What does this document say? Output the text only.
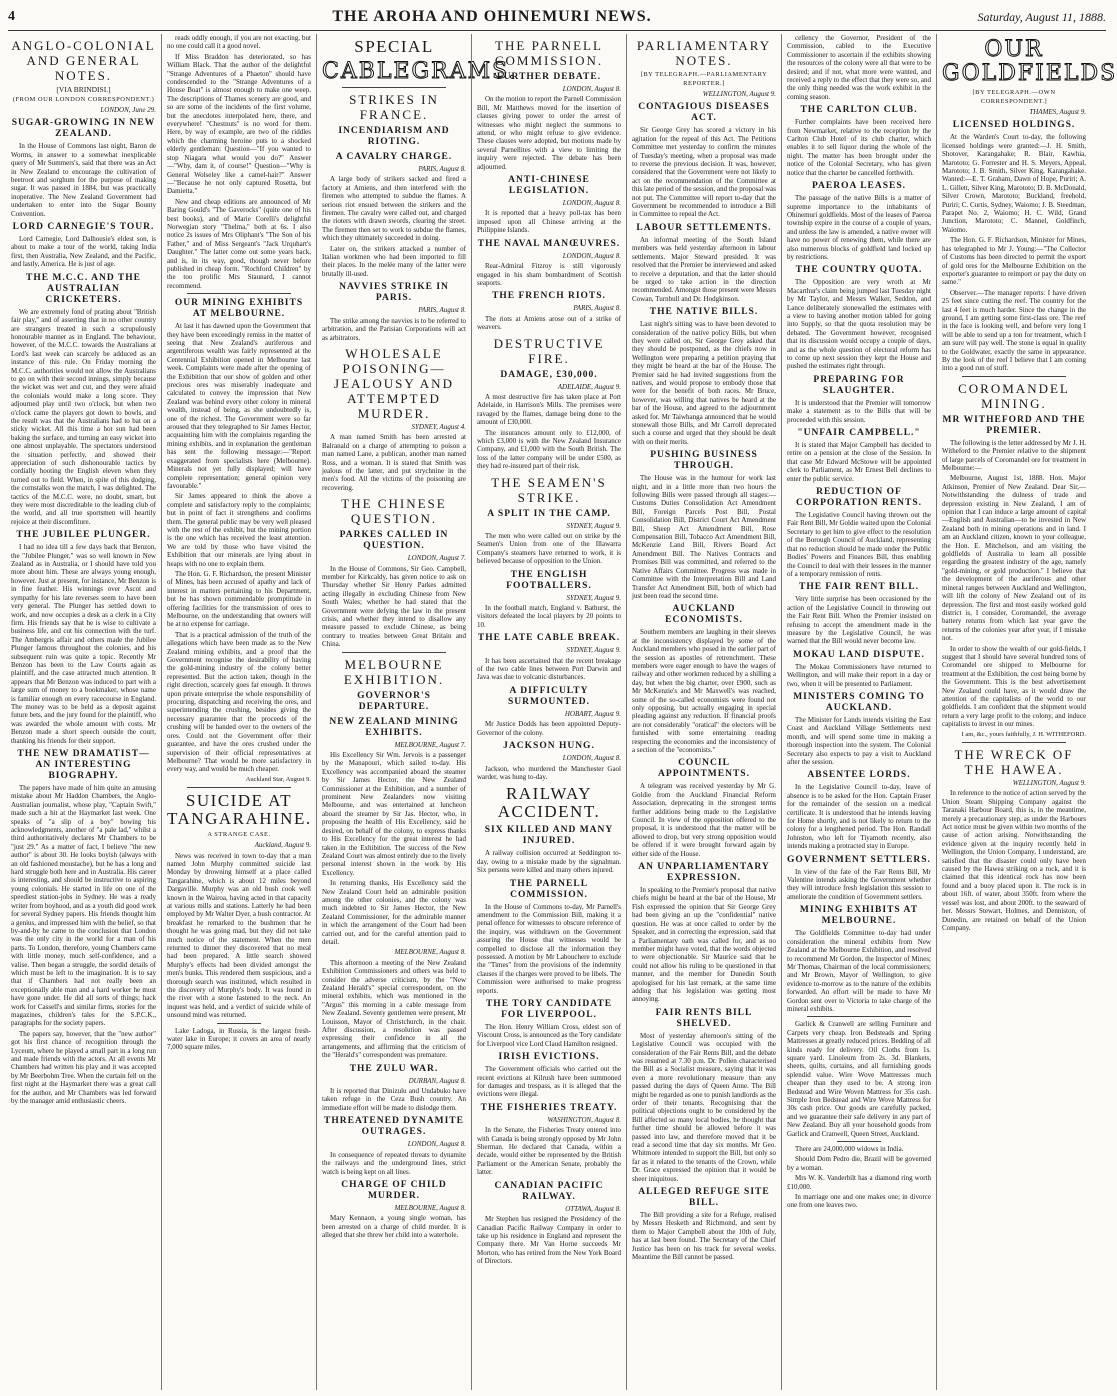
4	THE AROHA AND OHINEMURI NEWS.	Saturday, August 11, 1888.
ANGLO-COLONIAL AND GENERAL NOTES.
[VIA BRINDISI.]
(FROM OUR LONDON CORRESPONDENT.)
LONDON, June 29.
SUGAR-GROWING IN NEW ZEALAND.

In the House of Commons last night, Baron de Worms, in answer to a somewhat inexplicable query of Mr Summers's, said that there was an Act in New Zealand to encourage the cultivation of beetroot and sorghum for the purpose of making sugar. It was passed in 1884, but was practically inoperative. The New Zealand Government had undertaken to enter into the Sugar Bounty Convention.

LORD CARNEGIE'S TOUR.

Lord Carnegie, Lord Dalhousie's eldest son, is about to make a tour of the world, taking India first, then Australia, New Zealand, and the Pacific, and lastly, America. He is just of age.

THE M.C.C. AND THE AUSTRALIAN CRICKETERS.

We are extremely fond of prating about "British fair play," and of asserting that in no other country are strangers treated in such a scrupulously honourable manner as in England. The behaviour, however, of the M.C.C. towards the Australians at Lord's last week can scarcely be adduced as an instance of this rule. On Friday morning the M.C.C. authorities would not allow the Australians to go on with their second innings, simply because the wicket was wet and cut, and they were afraid the colonials would make a long score. They adjourned play until two o'clock, but when two o'clock came the players got down to bowls, and the result was that the Australians had to bat on a sticky wicket. All this time a hot sun had been baking the surface, and turning an easy wicket into one almost unplayable. The spectators understood the situation perfectly, and showed their appreciation of such dishonourable tactics by cordially hooting the English eleven when they turned out to field. When, in spite of this dodging, the cornstalks won the match, I was delighted. The tactics of the M.C.C. were, no doubt, smart, but they were most discreditable to the leading club of the world, and all true sportsmen will heartily rejoice at their discomfiture.

THE JUBILEE PLUNGER.

I had no idea till a few days back that Benzon, the "Jubilee Plunger," was so well known in New Zealand as in Australia, or I should have told you more about him. These are always young enough, however. Just at present, for instance, Mr Benzon is in fine feather. His winnings over Ascot and sympathy for his late reverses seem to have been very general. The Plunger has settled down to work, and now occupies a desk as a clerk in a City firm. His friends say that he is wise to cultivate a business life, and cut his connection with the turf. The Ambergris affair and others made the Jubilee Plunger famous throughout the colonies, and his subsequent ruin was quite a topic. Recently Mr Benzon has been to the Law Courts again as plaintiff, and the case attracted much attention. It appears that Mr Benzon was induced to part with a large sum of money to a bookmaker, whose name is familiar enough on every racecourse in England. The money was to be held as a deposit against future bets, and the jury found for the plaintiff, who was awarded the whole amount with costs. Mr Benzon made a short speech outside the court, thanking his friends for their support.

THE NEW DRAMATIST—AN INTERESTING BIOGRAPHY.

The papers have made of him quite an amusing mistake about Mr Haddon Chambers, the Anglo-Australian journalist, whose play, "Captain Swift," made such a hit at the Haymarket last week. One speaks of "a slip of a boy" bowing his acknowledgments, another of "a pale lad," whilst a third authoritatively declares Mr Chambers to be "just 29." As a matter of fact, I believe "the new author" is about 30. He looks boyish (always with an old fashioned moustache), but he has a long and hard struggle both here and in Australia. His career is interesting, and should be instructive to aspiring young colonials. He started in life on one of the speediest station-jobs in Sydney. He was a ready writer from boyhood, and as a youth did good work for several Sydney papers. His friends thought him a genius, and impressed him with the belief, so that by-and-by he came to the conclusion that London was the only city in the world for a man of his parts. To London, therefore, young Chambers came with little money, much self-confidence, and a valise. Then began a struggle, the sordid details of which must be left to the imagination. It is to say that if Chambers had not really been an exceptionally able man and a hard worker he must have gone under. He did all sorts of things; hack work for Cassell's and similar firms, stories for the magazines, children's tales for the S.P.C.K., paragraphs for the society papers.

The papers say, however, that the "new author" got his first chance of recognition through the Lyceum, where he played a small part in a long run and made friends with the actors. At all events Mr Chambers had written his play and it was accepted by Mr Beerbohm Tree. When the curtain fell on the first night at the Haymarket there was a great call for the author, and Mr Chambers was led forward by the manager amid enthusiastic cheers.

reads oddly enough, if you are not exacting, but no one could call it a good novel.

If Miss Braddon has deteriorated, so has William Black. That the author of the delightful "Strange Adventures of a Phaeton" should have condescended to the "Strange Adventures of a House Boat" is almost enough to make one weep. The descriptions of Thames scenery are good, and so are some of the incidents of the first volume, but the anecdotes interpolated here, there, and everywhere! "Chestnuts" is no word for them. Here, by way of example, are two of the riddles which the charming heroine puts to a shocked elderly gentleman: Question—"If you wanted to stop Niagara what would you do?" Answer—"Why, dam it, of course!" Question—"Why is General Wolseley like a camel-hair?" Answer—"Because he not only captured Rosetta, but Damietta."

New and cheap editions are announced of Mr Baring Gould's "The Gaverocks" (quite one of his best books), and of Marie Corelli's delightful Norwegian story "Thelma," both at 6s. I also notice 2s issues of Mrs Oliphant's "The Son of his Father," and of Miss Sergeant's "Jack Urquhart's Daughter." The latter come out some years back, and is, in its way, good, though never before published in cheap form. "Rochford Children" by the too prolific Mrs Staunard, I cannot recommend.

OUR MINING EXHIBITS AT MELBOURNE.

At last it has dawned upon the Government that they have been exceedingly remiss in the matter of seeing that New Zealand's auriferous and argentiferous wealth was fairly represented at the Centennial Exhibition opened in Melbourne last week. Complaints were made after the opening of the Exhibition that our show of golden and other precious ores was miserably inadequate and calculated to convey the impression that New Zealand was behind every other colony in mineral wealth, instead of being, as she undoubtedly is, one of the richest. The Government were so far aroused that they telegraphed to Sir James Hector, acquainting him with the complaints regarding the mining exhibits, and in explanation the gentleman has sent the following message:—"Report exaggerated from specialists here (Melbourne). Minerals not yet fully displayed; will have complete representation; general opinion very favourable."

Sir James appeared to think the above a complete and satisfactory reply to the complaints; but in point of fact it strengthens and confirms them. The general public may be very well pleased with the rest of the exhibit, but the mining portion is the one which has received the least attention. We are told by those who have visited the Exhibition that our minerals are lying about in heaps with no one to explain them.

The Hon. G. F. Richardson, the present Minister of Mines, has been accused of apathy and lack of interest in matters pertaining to his Department, but he has shown commendable promptitude in offering facilities for the transmission of ores to Melbourne, on the understanding that owners will be at no expense for carriage.

That is a practical admission of the truth of the allegations which have been made as to the New Zealand mining exhibits, and a proof that the Government recognise the desirability of having the gold-mining industry of the colony better represented. But the action taken, though in the right direction, scarcely goes far enough. It throws upon private enterprise the whole responsibility of procuring, dispatching and receiving the ores, and superintending the crushing, besides giving the necessary guarantee that the proceeds of the crushing will be handed over to the owners of the ores. Could not the Government offer their guarantee, and have the ores crushed under the supervision of their official representatives at Melbourne? That would be more satisfactory in every way, and would be much cheaper.

Auckland Star, August 9.
SUICIDE AT TANGARAHINE.
A STRANGE CASE.
Auckland, August 9.

News was received in town to-day that a man named John Murphy committed suicide last Monday by drowning himself at a place called Tangarahine, which is about 12 miles beyond Dargaville. Murphy was an old bush cook well known in the Wairoa, having acted in that capacity at various mills and stations. Latterly he had been employed by Mr Walter Dyer, a bush contractor. At breakfast he remarked to the bushmen that he thought he was going mad, but they did not take much notice of the statement. When the men returned to dinner they discovered that no meal had been prepared. A little search showed Murphy's effects had been divided amongst the men's bunks. This rendered them suspicious, and a thorough search was instituted, which resulted in the discovery of Murphy's body. It was found in the river with a stone fastened to the neck. An inquest was held, and a verdict of suicide while of unsound mind was returned.

Lake Ladoga, in Russia, is the largest fresh-water lake in Europe; it covers an area of nearly 7,000 square miles.

SPECIAL
CABLEGRAMS.
STRIKES IN FRANCE.
INCENDIARISM AND RIOTING.
A CAVALRY CHARGE.
PARIS, August 8.

A large body of strikers sacked and fired a factory at Amiens, and then interfered with the firemen who attempted to subdue the flames. A serious riot ensued between the strikers and the firemen. The cavalry were called out, and charged the rioters with drawn swords, clearing the street. The firemen then set to work to subdue the flames, which they ultimately succeeded in doing.

Later on, the strikers attacked a number of Italian workmen who had been imported to fill their places. In the melée many of the latter were brutally ill-used.

NAVVIES STRIKE IN PARIS.
PARIS, August 8.

The strike among the navvies is to be referred to arbitration, and the Parisian Corporations will act as arbitrators.

WHOLESALE POISONING—JEALOUSY AND ATTEMPTED MURDER.
SYDNEY, August 4.

A man named Smith has been arrested at Balranald on a charge of attempting to poison a man named Lane, a publican, another man named Ross, and a woman. It is stated that Smith was jealous of the latter, and put strychnine in the men's food. All the victims of the poisoning are recovering.

THE CHINESE QUESTION.
PARKES CALLED IN QUESTION.
LONDON, August 7.

In the House of Commons, Sir Geo. Campbell, member for Kirkcaldy, has given notice to ask on Thursday whether Sir Henry Parkes admitted acting illegally in excluding Chinese from New South Wales; whether he had stated that the Government were defying the law in the present crisis, and whether they intend to disallow any measure passed to exclude Chinese, as being contrary to treaties between Great Britain and China.

MELBOURNE EXHIBITION.
GOVERNOR'S DEPARTURE.
NEW ZEALAND MINING EXHIBITS.
MELBOURNE, August 7.

His Excellency Sir Wm. Jervois is a passenger by the Manapouri, which sailed to-day. His Excellency was accompanied aboard the steamer by Sir James Hector, the New Zealand Commissioner at the Exhibition, and a number of prominent New Zealanders now visiting Melbourne, and was entertained at luncheon aboard the steamer by Sir Jas. Hector, who, in proposing the health of His Excellency, said he desired, on behalf of the colony, to express thanks to His Excellency for the great interest he had taken in the Exhibition. The success of the New Zealand Court was almost entirely due to the lively personal interest shown in the work by His Excellency.

In returning thanks, His Excellency said the New Zealand Court held an admirable position among the other colonies, and the colony was much indebted to Sir James Hector, the New Zealand Commissioner, for the admirable manner in which the arrangement of the Court had been carried out, and for the careful attention paid to detail.

MELBOURNE, August 8.

This afternoon a meeting of the New Zealand Exhibition Commissioners and others was held to consider the adverse criticism, by the "New Zealand Herald's" special correspondent, on the mineral exhibits, which was mentioned in the "Argus" this morning in a cable message from New Zealand. Seventy gentlemen were present, Mr Louisson, Mayor of Christchurch, in the chair. After discussion, a resolution was passed expressing their confidence in all the arrangements, and affirming that the criticism of the "Herald's" correspondent was premature.

THE ZULU WAR.
DURBAN, August 8.

It is reported that Dinizulu and Undabuko have taken refuge in the Ceza Bush country. An immediate effort will be made to dislodge them.

THREATENED DYNAMITE OUTRAGES.
LONDON, August 8.

In consequence of repeated threats to dynamite the railways and the underground lines, strict watch is being kept on all lines.

CHARGE OF CHILD MURDER.
MELBOURNE, August 8.

Mary Kennaon, a young single woman, has been arrested on a charge of child murder. It is alleged that she threw her child into a waterhole.

THE PARNELL COMMISSION.
FURTHER DEBATE.
LONDON, August 8.

On the motion to report the Parnell Commission Bill, Mr Matthews moved for the insertion of clauses giving power to order the arrest of witnesses who might neglect the summons to attend, or who might refuse to give evidence. These clauses were adopted, but motions made by several Parnellites with a view to limiting the inquiry were rejected. The debate has been adjourned.

ANTI-CHINESE LEGISLATION.
LONDON, August 8.

It is reported that a heavy poll-tax has been imposed upon all Chinese arriving at the Philippine Islands.

THE NAVAL MANŒUVRES.
LONDON, August 8.

Rear-Admiral Fitzroy is still vigorously engaged in his sham bombardment of Scottish seaports.

THE FRENCH RIOTS.
PARIS, August 8.

The riots at Amiens arose out of a strike of weavers.

DESTRUCTIVE FIRE.
DAMAGE, £30,000.
ADELAIDE, August 9.

A most destructive fire has taken place at Port Adelaide, in Harrison's Mills. The premises were ravaged by the flames, damage being done to the amount of £30,000.

The insurances amount only to £12,000, of which £3,000 is with the New Zealand Insurance Company, and £1,000 with the South British. The loss of the latter company will be under £500, as they had re-insured part of their risk.

THE SEAMEN'S STRIKE.
A SPLIT IN THE CAMP.
SYDNEY, August 9.

The men who were called out on strike by the Seamen's Union from one of the Illawarra Company's steamers have returned to work, it is believed because of opposition to the Union.

THE ENGLISH FOOTBALLERS.
SYDNEY, August 9.

In the football match, England v. Bathurst, the visitors defeated the local players by 20 points to 10.

THE LATE CABLE BREAK.
SYDNEY, August 9.

It has been ascertained that the recent breakage of the two cable lines between Port Darwin and Java was due to volcanic disturbances.

A DIFFICULTY SURMOUNTED.
HOBART, August 9.

Mr Justice Dodds has been appointed Deputy-Governor of the colony.

JACKSON HUNG.
LONDON, August 8.

Jackson, who murdered the Manchester Gaol warder, was hung to-day.

RAILWAY ACCIDENT.
SIX KILLED AND MANY INJURED.

A railway collision occurred at Seddington to-day, owing to a mistake made by the signalman. Six persons were killed and many others injured.

THE PARNELL COMMISSION.

In the House of Commons to-day, Mr Parnell's amendment to the Commission Bill, making it a penal offence for witnesses to obscure reference of the inquiry, was withdrawn on the Government assuring the House that witnesses would be compelled to disclose all the information they possessed. A motion by Mr Labouchere to exclude the "Times" from the provisions of the indemnity clauses if the charges were proved to be libels. The Commission were authorised to make progress reports.

THE TORY CANDIDATE FOR LIVERPOOL.

The Hon. Henry William Cross, eldest son of Viscount Cross, is announced as the Tory candidate for Liverpool vice Lord Claud Hamilton resigned.

IRISH EVICTIONS.

The Government officials who carried out the recent evictions at Kilrush have been summoned for damages and trespass, as it is alleged that the evictions were illegal.

THE FISHERIES TREATY.
WASHINGTON, August 8.

In the Senate, the Fisheries Treaty entered into with Canada is being strongly opposed by Mr John Sherman. He declared that Canada, within a decade, would either be represented by the British Parliament or the American Senate, probably the latter.

CANADIAN PACIFIC RAILWAY.
OTTAWA, August 8.

Mr Stephen has resigned the Presidency of the Canadian Pacific Railway Company in order to take up his residence in England and represent the Company there. Mr Van Horne succeeds Mr Morton, who has retired from the New York Board of Directors.

PARLIAMENTARY NOTES.
[BY TELEGRAPH.—PARLIAMENTARY REPORTER.]
WELLINGTON, August 9.
CONTAGIOUS DISEASES ACT.

Sir George Grey has scored a victory in his agitation for the repeal of this Act. The Petitions Committee met yesterday to confirm the minutes of Tuesday's meeting, when a proposal was made to reverse the previous decision. It was, however, considered that the Government were not likely to act on the recommendation of the Committee at this late period of the session, and the proposal was not put. The Committee will report to-day that the Government be recommended to introduce a Bill in Committee to repeal the Act.

LABOUR SETTLEMENTS.

An informal meeting of the South Island members was held yesterday afternoon in labour settlements. Major Steward presided. It was resolved that the Premier be interviewed and asked to receive a deputation, and that the latter should be urged to take action in the direction recommended. Amongst those present were Messrs Cowan, Turnbull and Dr. Hodgkinson.

THE NATIVE BILLS.

Last night's sitting was to have been devoted to consideration of the native policy Bills, but when they were called on, Sir George Grey asked that they should be postponed, as the chiefs now in Wellington were preparing a petition praying that they might be heard at the bar of the House. The Premier said he had invited suggestions from the natives, and would propose to embody those that were for the benefit of both races. Mr Bruce, however, was willing that natives be heard at the bar of the House, and agreed to the adjournment asked for. Mr Taiwhanga announced that he would stonewall those Bills, and Mr Carroll deprecated such a course and urged that they should be dealt with on their merits.

PUSHING BUSINESS THROUGH.

The House was in the humour for work last night, and in a little more than two hours the following Bills were passed through all stages:—Customs Duties Consolidation Act Amendment Bill, Foreign Parcels Post Bill, Postal Consolidation Bill, District Court Act Amendment Bill, Sheep Act Amendment Bill, Rose Compensation Bill, Tobacco Act Amendment Bill, McKenzie Land Bill, Rivers Board Act Amendment Bill. The Natives Contracts and Promises Bill was committed, and referred to the Native Affairs Committee. Progress was made in Committee with the Interpretation Bill and Land Transfer Act Amendment Bill, both of which had just been read the second time.

AUCKLAND ECONOMISTS.

Southern members are laughing in their sleeves at the inconsistency displayed by some of the Auckland members who posed in the earlier part of the session as apostles of retrenchment. These members were eager enough to have the wages of railway and other workmen reduced by a shilling a day, but when the big charter, over £900, such as Mr McKenzie's and Mr Maxwell's was reached, some of the so-called economists were found not only opposing, but actually engaging in special pleading against any reduction. If financial proofs are not considerably "oratical" the electors will be furnished with some entertaining reading respecting the economies and the inconsistency of a section of the "economists."

COUNCIL APPOINTMENTS.

A telegram was received yesterday by Mr G. Goldie from the Auckland Financial Reform Association, deprecating in the strongest terms further additions being made to the Legislative Council. In view of the opposition offered to the proposal, it is understood that the matter will be allowed to drop, but very strong opposition would be offered if it were brought forward again by either side of the House.

AN UNPARLIAMENTARY EXPRESSION.

In speaking to the Premier's proposal that native chiefs might be heard at the bar of the House, Mr Fish expressed the opinion that Sir George Grey had been giving an up the "confidential" native question. He was at once called to order by the Speaker, and in correcting the expression, said that a Parliamentary oath was called for, and as no member might have voted, that the words objected to were objectionable. Sir Maurice said that he could not allow his ruling to be questioned in that manner, and the member for Dunedin South apologised for his last remark, at the same time adding that his legislation was getting most annoying.

FAIR RENTS BILL SHELVED.

Most of yesterday afternoon's sitting of the Legislative Council was occupied with the consideration of the Fair Rents Bill, and the debate was resumed at 7.30 p.m. Dr. Pollen characterised the Bill as a Socialist measure, saying that it was even a more revolutionary measure than any passed during the days of Queen Anne. The Bill might be regarded as one to punish landlords as the order of their tenants. Recognising that the political objections ought to be considered by the Bill affected so many local bodies, he thought that further time should be allowed before it was passed into law, and therefore moved that it be read a second time that day six months. Mr Geo. Whitmore intended to support the Bill, but only so far as it related to the tenants of the Crown, while Dr. Grace expressed the opinion that it would be sheer iniquitous.

ALLEGED REFUGE SITE BILL.

The Bill providing a site for a Refuge, realised by Messrs Hesketh and Richmond, and sent by them to Major Campbell about the 10th of July, has at last been found. The Secretary of the Chief Justice has been on his track for several weeks. Meantime the Bill cannot be passed.

cellency the Governor, President of the Commission, cabled to the Executive Commissioner to ascertain if the exhibits showing the resources of the colony were all that were to be desired; and if not, what more were wanted, and received a reply to the effect that they were so, and the only thing needed was the work exhibit in the coming season.

THE CARLTON CLUB.

Further complaints have been received here from Newmarket, relative to the reception by the Carlton Club Hotel of its club charter, which enables it to sell liquor during the whole of the night. The matter has been brought under the notice of the Colonial Secretary, who has given notice that the charter be cancelled forthwith.

PAEROA LEASES.

The passage of the native Bills is a matter of supreme importance to the inhabitants of Ohinemuri goldfields. Most of the leases of Paeroa township expire in the course of a couple of years, and unless the law is amended, a native owner will have no power of renewing them, while there are also numerous blocks of goldfield land locked up by restrictions.

THE COUNTRY QUOTA.

The Opposition are very wroth at Mr Macarthur's claim being jumped last Tuesday night by Mr Taylor, and Messrs Walker, Seddon, and Lance deliberately stonewalled the estimates with a view to having another motion tabled for going into Supply, so that the quota resolution may be debated. The Government however, recognised that its discussion would occupy a couple of days, and as the whole question of electoral reform has to come up next session they kept the House and pushed the estimates right through.

PREPARING FOR SLAUGHTER.

It is understood that the Premier will tomorrow make a statement as to the Bills that will be proceeded with this session.

"UNFAIR CAMPBELL."

It is stated that Major Campbell has decided to retire on a pension at the close of the Session. In that case Mr Edward McStowe will be appointed clerk to Parliament, as Mr Ernest Bell declines to enter the public service.

REDUCTION OF CORPORATION RENTS.

The Legislative Council having thrown out the Fair Rent Bill, Mr Goldie waited upon the Colonial Secretary to get him to give effect to the resolution of the Borough Council of Auckland, representing that no reduction should be made under the Public Bodies' Powers and Finances Bill, thus enabling the Council to deal with their lessees in the manner of a temporary remission of rents.

THE FAIR RENT BILL.

Very little surprise has been occasioned by the action of the Legislative Council in throwing out the Fair Rent Bill. When the Premier insisted on refusing to accept the amendment made in the measure by the Legislative Council, he was warned that the Bill would never become law.

MOKAU LAND DISPUTE.

The Mokau Commissioners have returned to Wellington, and will make their report in a day or two, when it will be presented to Parliament.

MINISTERS COMING TO AUCKLAND.

The Minister for Lands intends visiting the East Coast and Auckland Village Settlements next month, and will spend some time in making a thorough inspection into the system. The Colonial Secretary also expects to pay a visit to Auckland after the session.

ABSENTEE LORDS.

In the Legislative Council to-day, leave of absence is to be asked for the Hon. Captain Fraser for the remainder of the session on a medical certificate. It is understood that he intends leaving for Home shortly, and is not likely to return to the colony for a lengthened period. The Hon. Randall Johnston, who left for Tiyamoth recently, also intends making a protracted stay in Europe.

GOVERNMENT SETTLERS.

In view of the fate of the Fair Rents Bill, Mr Valentine intends asking the Government whether they will introduce fresh legislation this session to ameliorate the condition of Government settlers.

MINING EXHIBITS AT MELBOURNE.

The Goldfields Committee to-day had under consideration the mineral exhibits from New Zealand at the Melbourne Exhibition, and resolved to recommend Mr Gordon, the Inspector of Mines; Mr Thomas, Chairman of the local commissioners; and Mr Brown, Mayor of Wellington, to give evidence to-morrow as to the nature of the exhibits forwarded. An effort will be made to have Mr Gordon sent over to Victoria to take charge of the mineral exhibits.

Garlick & Cranwell are selling Furniture and Carpets very cheap. Iron Bedsteads and Spring Mattresses at greatly reduced prices. Bedding of all kinds ready for delivery. Oil Cloths from 1s. square yard. Linoleum from 2s. 3d. Blankets, sheets, quilts, curtains, and all furnishing goods splendid value. Wire Wove Mattresses much cheaper than they used to be. A strong iron Bedstead and Wire Woven Mattress for 35s cash. Simple Iron Bedstead and Wire Wove Mattress for 30s cash price. Our goods are carefully packed, and we guarantee their safe delivery in any part of New Zealand. Buy all your household goods from Garlick and Cranwell, Queen Street, Auckland.

There are 24,000,000 widows in India.

Should Dom Pedro die, Brazil will be governed by a woman.

Mrs W. K. Vanderbilt has a diamond ring worth £10,000.

In marriage one and one makes one; in divorce one from one leaves two.

OUR GOLDFIELDS
[BY TELEGRAPH.—OWN CORRESPONDENT.]
THAMES, August 9.
LICENSED HOLDINGS.

At the Warden's Court to-day, the following licensed holdings were granted:—J. H. Smith, Shotover, Karangahake; R. Blair, Kawhia, Marototo; G. Forrester and H. S. Meyers, Appeal, Marototo; J. B. Smith, Silver King, Karangahake. Wanted:—E. T. Graham, Dawn of Hope, Puriri; A. L. Gillett, Silver King, Marototo; D. B. McDonald, Silver Crown, Marototo; Buckland, freehold, Puriri; C. Curtis, Sydney, Waiomo; J. B. Steedman, Parapet No. 2, Waiomo; H. C. Wild, Grand Junction, Marototo; C. Mannel, Goldfinch, Waiomo.

The Hon. G. F. Richardson, Minister for Mines, has telegraphed to Mr J. Young:—"The Collector of Customs has been directed to permit the export of gold ores for the Melbourne Exhibition on the exporter's guarantee to reimport or pay the duty on same."

Observer.—The manager reports: I have driven 25 feet since cutting the reef. The country for the last 4 feet is much harder. Since the change in the ground, I am getting some first-class ore. The reef in the face is looking well, and before very long I will be able to send up a ton for treatment, which I am sure will pay well. The stone is equal in quality to the Goldwater, exactly the same in appearance. By the look of the reef I believe that I am coming into a good run of stuff.

COROMANDEL MINING.
MR WITHEFORD AND THE PREMIER.

The following is the letter addressed by Mr J. H. Witheford to the Premier relative to the shipment of large parcels of Coromandel ore for treatment in Melbourne:—

Melbourne, August 1st, 1888. Hon. Major Atkinson, Premier of New Zealand. Dear Sir,—Notwithstanding the dulness of trade and depression existing in New Zealand, I am of opinion that I can induce a large amount of capital—English and Australian—to be invested in New Zealand both in mining operations and in land. I am an Auckland citizen, known to your colleague, the Hon. E. Mitchelson, and am visiting the goldfields of Australia to learn all possible regarding the greatest industry of the age, namely "gold-mining, or gold production." I believe that the development of the auriferous and other mineral ranges between Auckland and Wellington, will lift the colony of New Zealand out of its depression. The first and most easily worked gold district is, I consider, Coromandel, the average battery returns from which last year gave the returns of the colonies year after year, if I mistake not.

In order to show the wealth of our gold-fields, I suggest that I should have several hundred tons of Coromandel ore shipped to Melbourne for treatment at the Exhibition, the cost being borne by the Government. This is the best advertisement New Zealand could have, as it would draw the attention of the capitalists of the world to our goldfields. I am confident that the shipment would return a very large profit to the colony, and induce capitalists to invest in our mines.

I am, &c., yours faithfully, J. H. WITHEFORD.
THE WRECK OF THE HAWEA.
WELLINGTON, August 9.

In reference to the notice of action served by the Union Steam Shipping Company against the Taranaki Harbour Board, this is, in the meantime, merely a precautionary step, as under the Harbours Act notice must be given within two months of the cause of action arising. Notwithstanding the evidence given at the inquiry recently held in Wellington, the Union Company, I understand, are satisfied that the disaster could only have been caused by the Hawea striking on a rock, and it is claimed that this identical rock has now been found and a buoy placed upon it. The rock is in about 16ft. of water, about 350ft. from where the vessel was lost, and about 200ft. to the seaward of her. Messrs Stewart, Holmes, and Denniston, of Dunedin, are retained on behalf of the Union Company.
